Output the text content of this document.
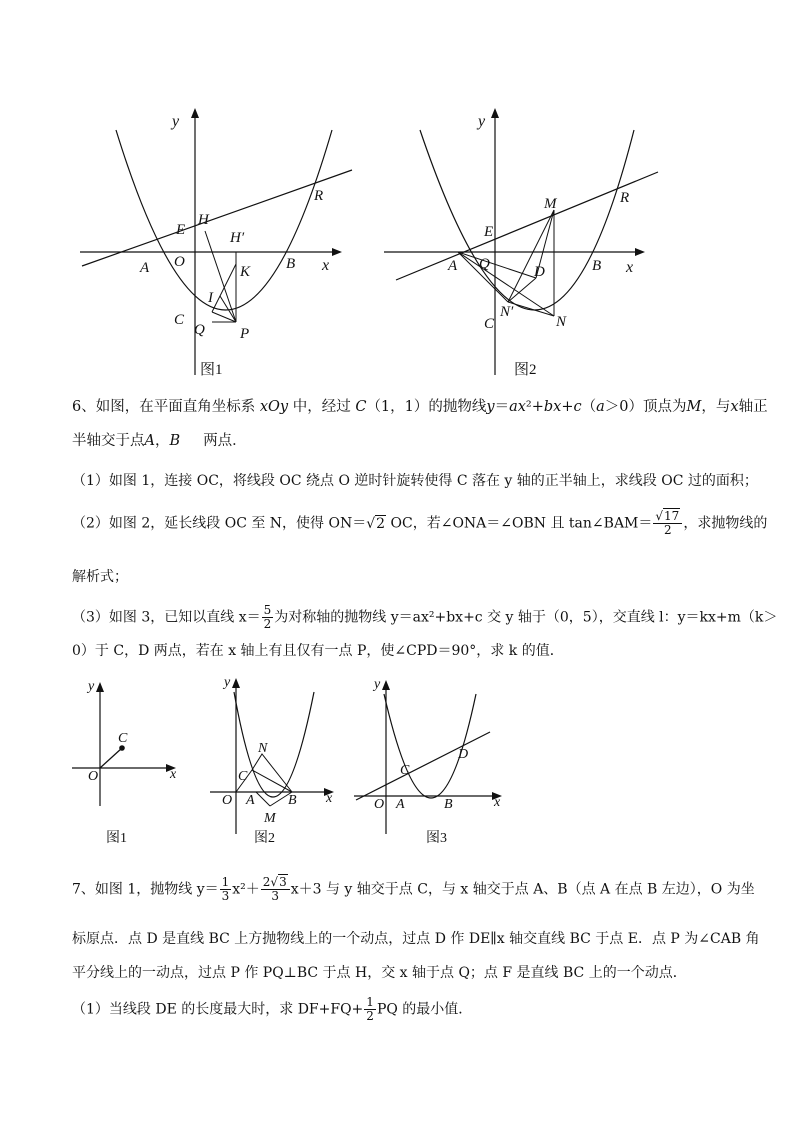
y
x
E
H
H′
R
A O	B
K
I
C
Q P
图1
y
x
M	R
E
A Q	D	B
N′
C	N
图2
6、如图，在平面直角坐标系 xOy 中，经过 C（1，1）的抛物线y＝ax²+bx+c（a＞0）顶点为M，与x轴正
半轴交于点A，B 两点．
（1）如图 1，连接 OC，将线段 OC 绕点 O 逆时针旋转使得 C 落在 y 轴的正半轴上，求线段 OC 过的面积；
（2）如图 2，延长线段 OC 至 N，使得 ON＝ √ 2 OC，若∠ONA＝∠OBN 且 tan∠BAM＝ √ $\frac{17}{2}$ ，求抛物线的
解析式；
（3）如图 3，已知以直线 $x= \frac{5}{2}$ 为对称轴的抛物线 y＝ax²+bx+c 交 y 轴于（0，5），交直线 l：y＝kx+m（k＞
0）于 C，D 两点，若在 x 轴上有且仅有一点 P，使∠CPD＝90°，求 k 的值．
y
x
C
O
图1
y
x
N
C
O A B
M
图2
y
x
D
C
O A	B
图3
7、如图 1，抛物线 $y= \frac{1}{3} x^2+ \frac{2 √ 3}{3} x+3$ 与 y 轴交于点 C，与 x 轴交于点 A、B（点 A 在点 B 左边），O 为坐
标原点．点 D 是直线 BC 上方抛物线上的一个动点，过点 D 作 DE∥x 轴交直线 BC 于点 E．点 P 为∠CAB 角
平分线上的一动点，过点 P 作 PQ⊥BC 于点 H，交 x 轴于点 Q；点 F 是直线 BC 上的一个动点．
（1）当线段 DE 的长度最大时，求 $DF+FQ+ \frac{1}{2}$ PQ 的最小值．
